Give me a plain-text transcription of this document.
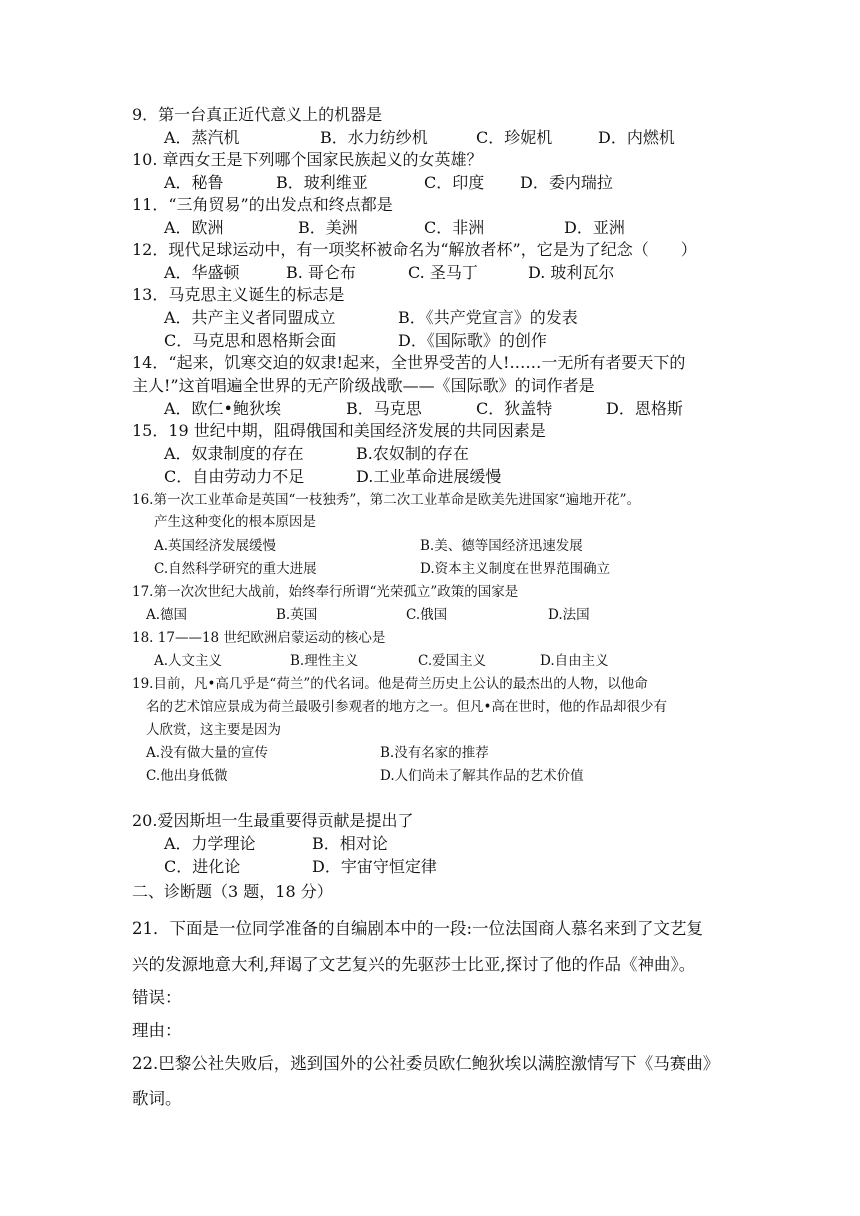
9．第一台真正近代意义上的机器是
A．蒸汽机	B．水力纺纱机	C．珍妮机	D．内燃机
10. 章西女王是下列哪个国家民族起义的女英雄？
A．秘鲁	B．玻利维亚	C．印度 D．委内瑞拉
11．“三角贸易”的出发点和终点都是
A．欧洲	B．美洲	C．非洲	D．亚洲
12．现代足球运动中，有一项奖杯被命名为“解放者杯”，它是为了纪念（　　）
A．华盛顿	B. 哥仑布	C. 圣马丁	D. 玻利瓦尔
13．马克思主义诞生的标志是
A．共产主义者同盟成立	B．《共产党宣言》的发表
C．马克思和恩格斯会面	D．《国际歌》的创作
14．“起来，饥寒交迫的奴隶!起来，全世界受苦的人!……一无所有者要天下的
主人!”这首唱遍全世界的无产阶级战歌——《国际歌》的词作者是
A．欧仁•鲍狄埃	B．马克思	C．狄盖特	D．恩格斯
15．19 世纪中期，阻碍俄国和美国经济发展的共同因素是
A．奴隶制度的存在	B.农奴制的存在
C．自由劳动力不足	D.工业革命进展缓慢
16.第一次工业革命是英国“一枝独秀”，第二次工业革命是欧美先进国家“遍地开花”。
产生这种变化的根本原因是
A.英国经济发展缓慢	B.美、德等国经济迅速发展
C.自然科学研究的重大进展	D.资本主义制度在世界范围确立
17.第一次次世纪大战前，始终奉行所谓“光荣孤立”政策的国家是
A.德国	B.英国	C.俄国	D.法国
18. 17——18 世纪欧洲启蒙运动的核心是
A.人文主义	B.理性主义	C.爱国主义	D.自由主义
19.目前，凡•高几乎是“荷兰”的代名词。他是荷兰历史上公认的最杰出的人物，以他命
名的艺术馆应景成为荷兰最吸引参观者的地方之一。但凡•高在世时，他的作品却很少有
人欣赏，这主要是因为
A.没有做大量的宣传	B.没有名家的推荐
C.他出身低微	D.人们尚未了解其作品的艺术价值
20.爱因斯坦一生最重要得贡献是提出了
A．力学理论	B．相对论
C．进化论	D．宇宙守恒定律
二、诊断题（3 题，18 分）
21．下面是一位同学准备的自编剧本中的一段:一位法国商人慕名来到了文艺复
兴的发源地意大利,拜谒了文艺复兴的先驱莎士比亚,探讨了他的作品《神曲》。
错误：
理由：
22.巴黎公社失败后，逃到国外的公社委员欧仁鲍狄埃以满腔激情写下《马赛曲》
歌词。
